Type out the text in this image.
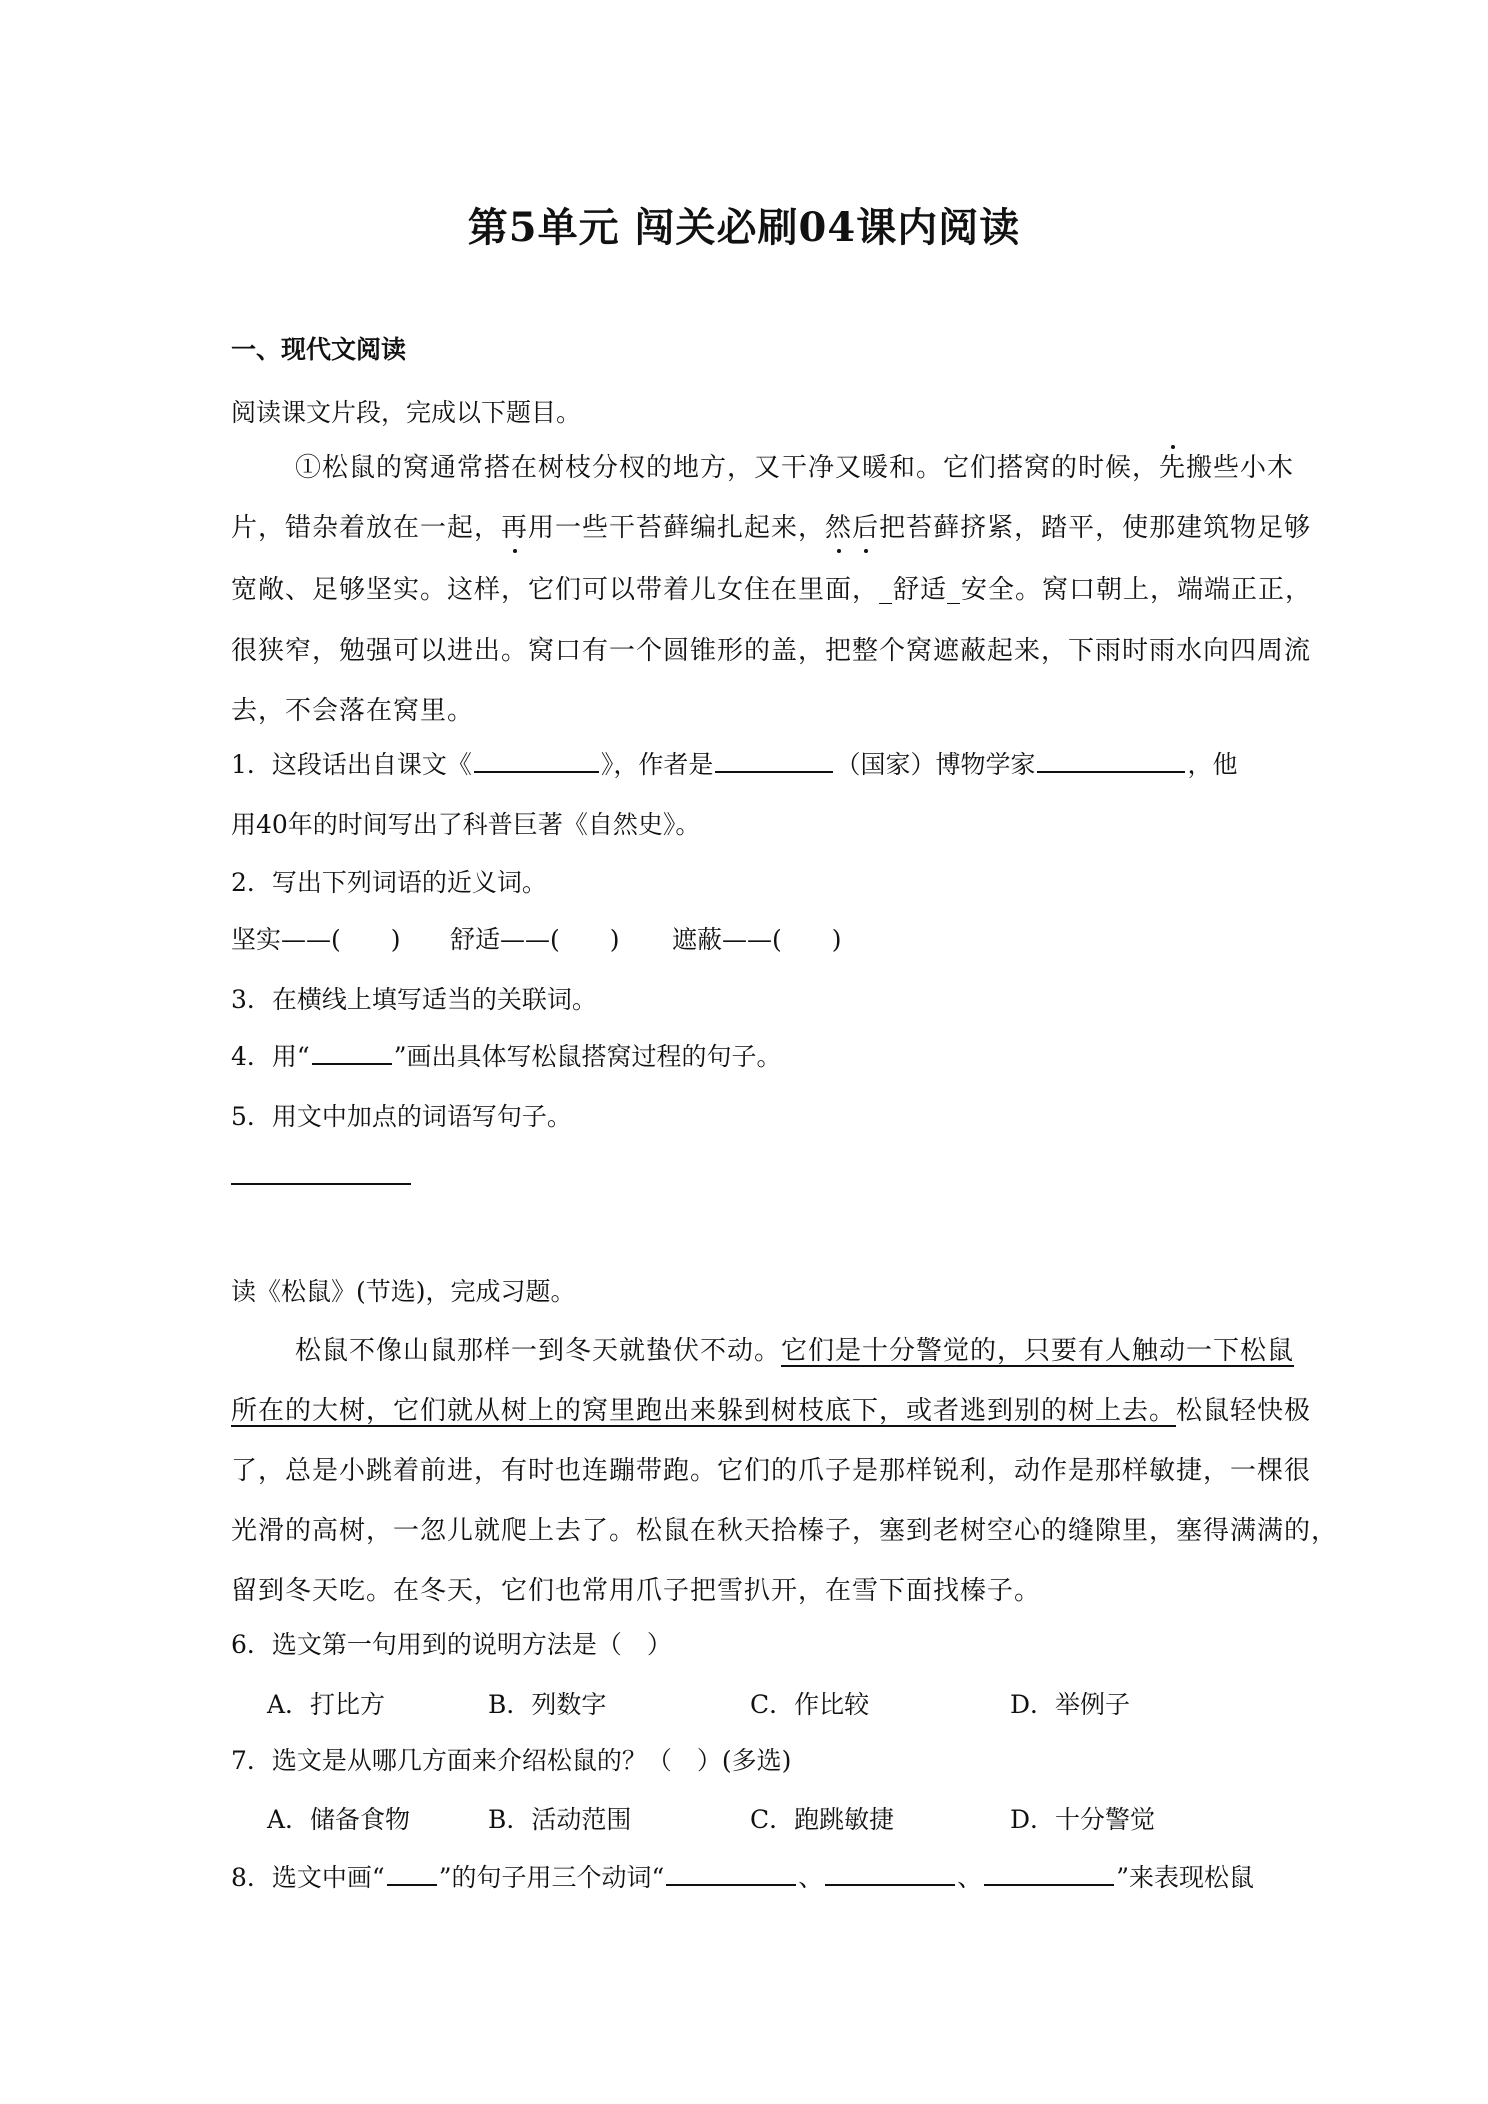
第5单元 闯关必刷04课内阅读
一、现代文阅读
阅读课文片段，完成以下题目。
①松鼠的窝通常搭在树枝分杈的地方，又干净又暖和。它们搭窝的时候，先搬些小木
片，错杂着放在一起，再用一些干苔藓编扎起来，然后把苔藓挤紧，踏平，使那建筑物足够
宽敞、足够坚实。这样，它们可以带着儿女住在里面，_舒适_安全。窝口朝上，端端正正，
很狭窄，勉强可以进出。窝口有一个圆锥形的盖，把整个窝遮蔽起来，下雨时雨水向四周流
去，不会落在窝里。
1．这段话出自课文《	》，作者是	（国家）博物学家	，他
用40年的时间写出了科普巨著《自然史》。
2．写出下列词语的近义词。
坚实——(　　) 舒适——(　　) 遮蔽——(　　)
3．在横线上填写适当的关联词。
4．用“	”画出具体写松鼠搭窝过程的句子。
5．用文中加点的词语写句子。
读《松鼠》(节选)，完成习题。
松鼠不像山鼠那样一到冬天就蛰伏不动。它们是十分警觉的，只要有人触动一下松鼠
所在的大树，它们就从树上的窝里跑出来躲到树枝底下，或者逃到别的树上去。松鼠轻快极
了，总是小跳着前进，有时也连蹦带跑。它们的爪子是那样锐利，动作是那样敏捷，一棵很
光滑的高树，一忽儿就爬上去了。松鼠在秋天拾榛子，塞到老树空心的缝隙里，塞得满满的，
留到冬天吃。在冬天，它们也常用爪子把雪扒开，在雪下面找榛子。
6．选文第一句用到的说明方法是（　）
A．打比方	B．列数字	C．作比较	D．举例子
7．选文是从哪几方面来介绍松鼠的？（　）(多选)
A．储备食物	B．活动范围	C．跑跳敏捷	D．十分警觉
8．选文中画“ ”的句子用三个动词“	、	、	”来表现松鼠
